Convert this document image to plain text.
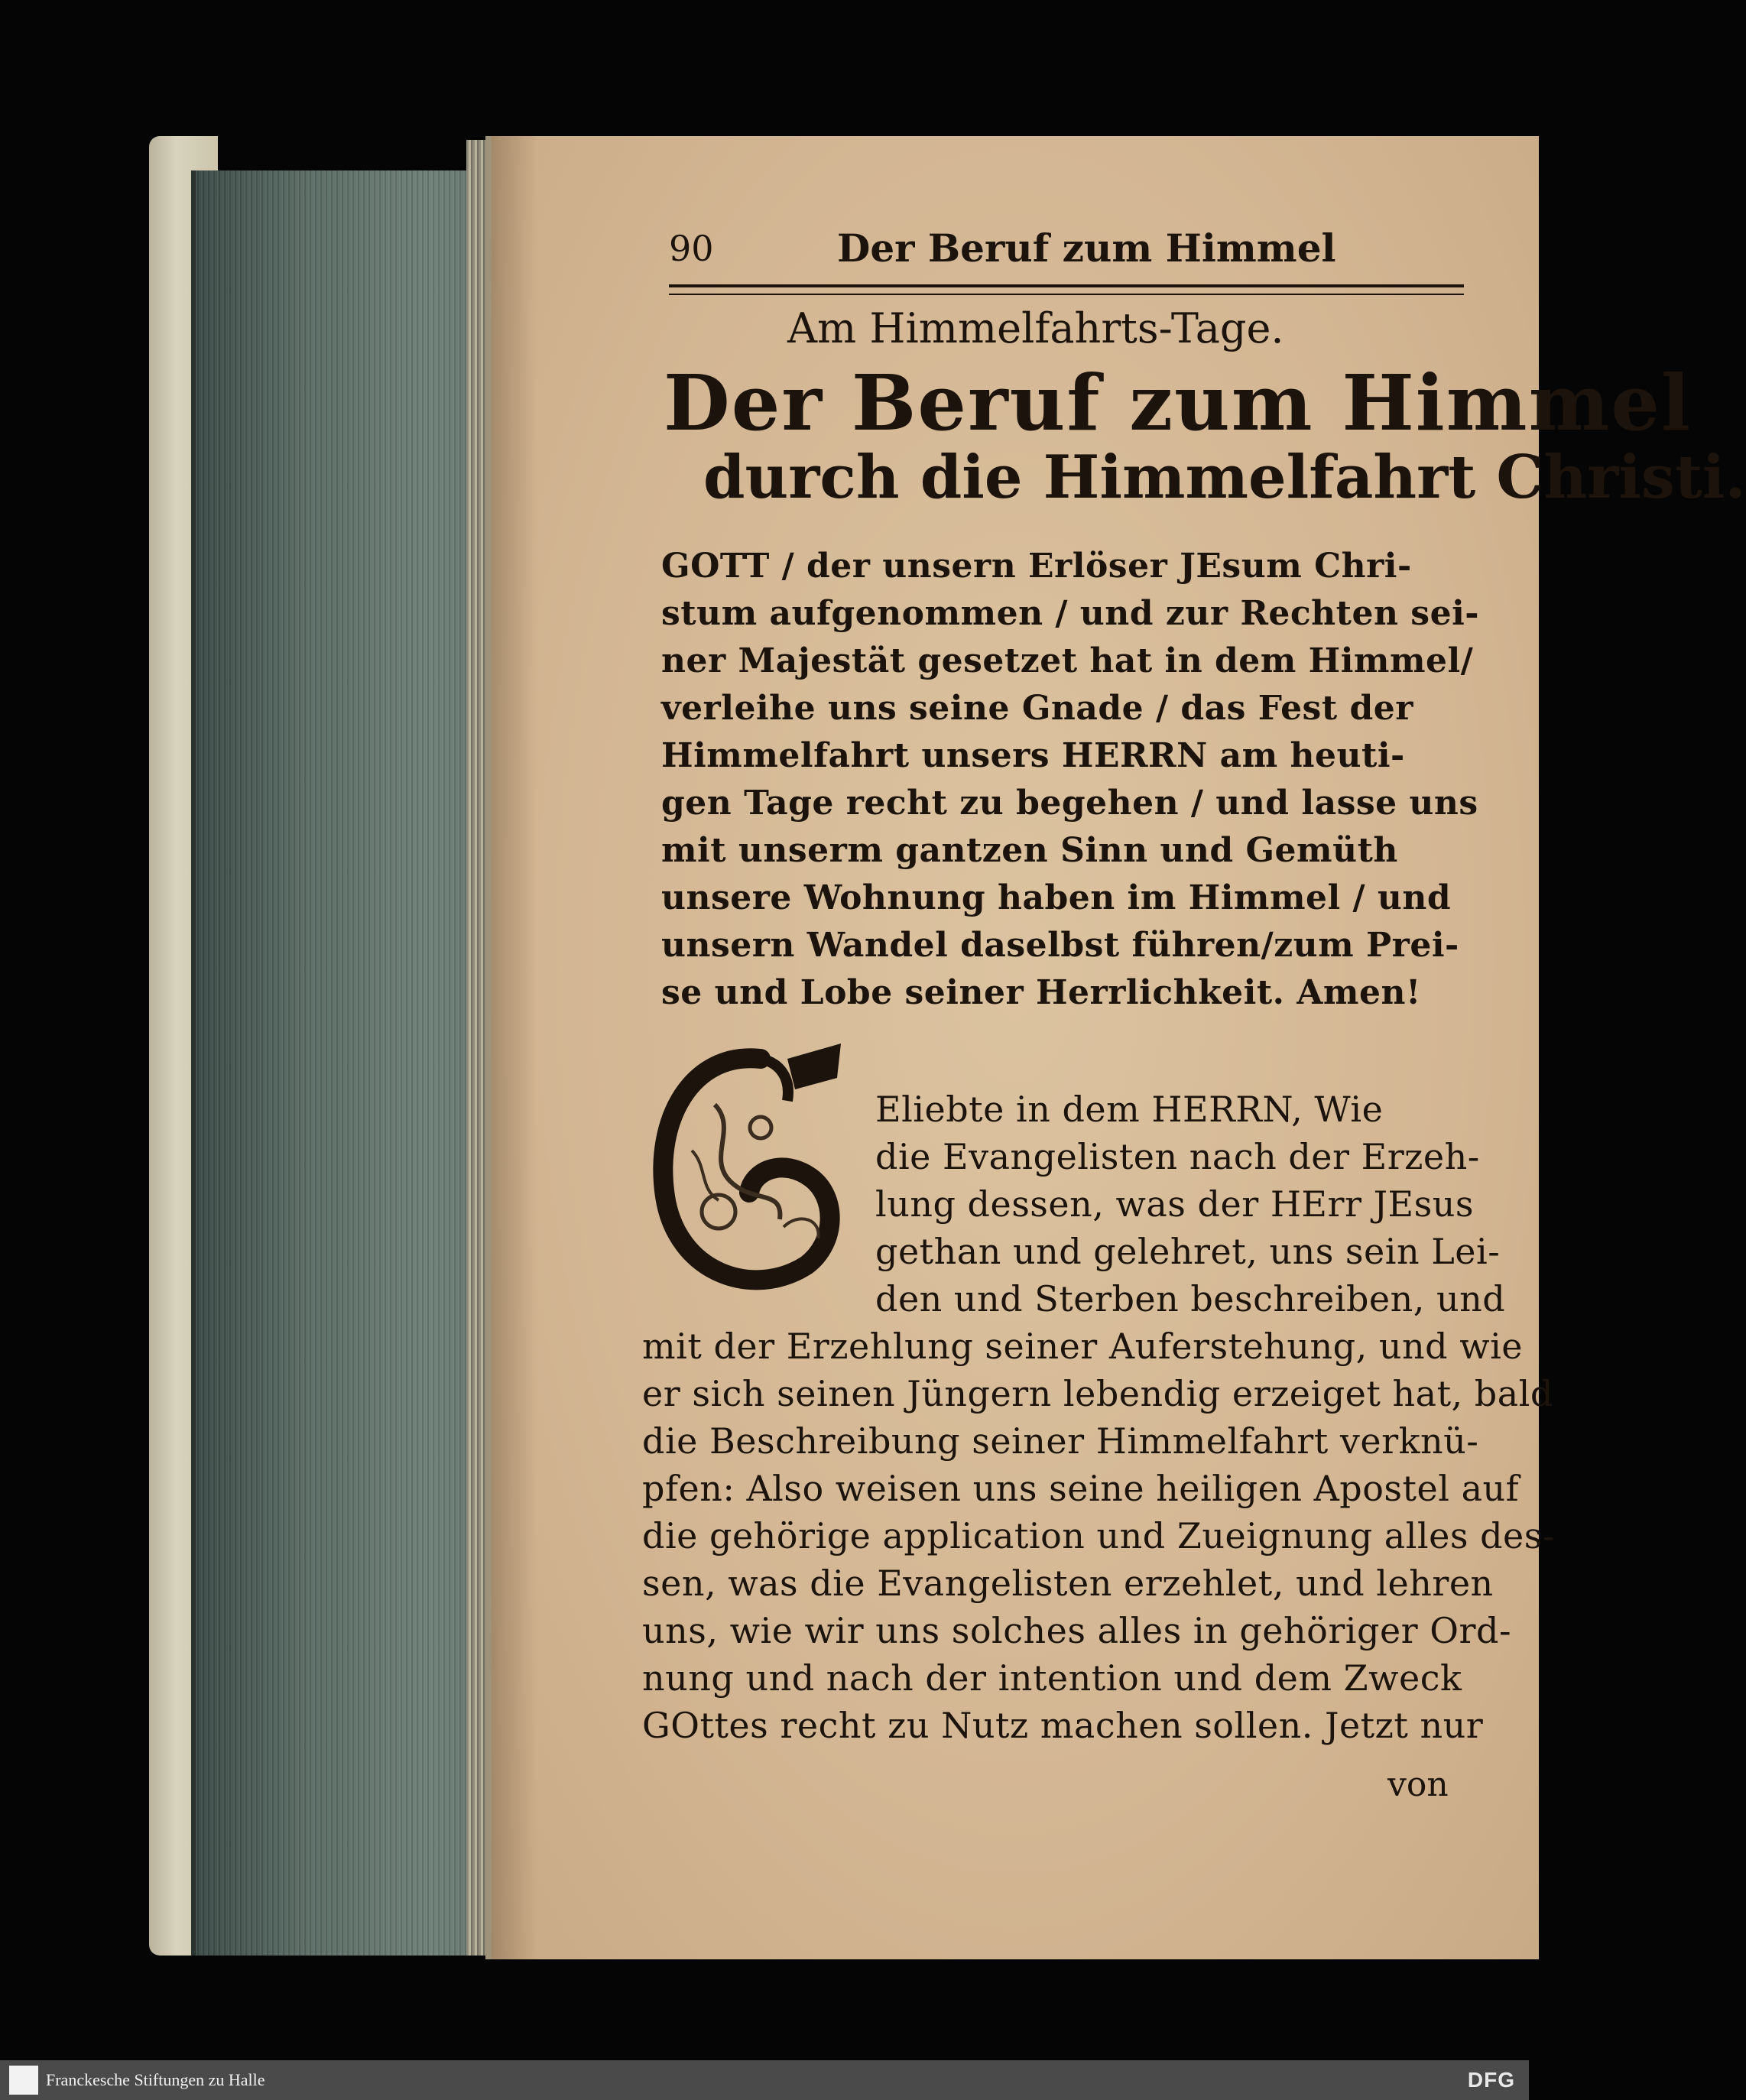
90	Der Beruf zum Himmel
Am Himmelfahrts-Tage.
Der Beruf zum Himmel
durch die Himmelfahrt Christi.
GOTT / der unsern Erlöser JEsum Chri-
stum aufgenommen / und zur Rechten sei-
ner Majestät gesetzet hat in dem Himmel/
verleihe uns seine Gnade / das Fest der
Himmelfahrt unsers HERRN am heuti-
gen Tage recht zu begehen / und lasse uns
mit unserm gantzen Sinn und Gemüth
unsere Wohnung haben im Himmel / und
unsern Wandel daselbst führen/zum Prei-
se und Lobe seiner Herrlichkeit. Amen!
G
Eliebte in dem HERRN, Wie
die Evangelisten nach der Erzeh-
lung dessen, was der HErr JEsus
gethan und gelehret, uns sein Lei-
den und Sterben beschreiben, und
mit der Erzehlung seiner Auferstehung, und wie
er sich seinen Jüngern lebendig erzeiget hat, bald
die Beschreibung seiner Himmelfahrt verknü-
pfen: Also weisen uns seine heiligen Apostel auf
die gehörige application und Zueignung alles des-
sen, was die Evangelisten erzehlet, und lehren
uns, wie wir uns solches alles in gehöriger Ord-
nung und nach der intention und dem Zweck
GOttes recht zu Nutz machen sollen. Jetzt nur
von
Franckesche Stiftungen zu Halle	DFG
